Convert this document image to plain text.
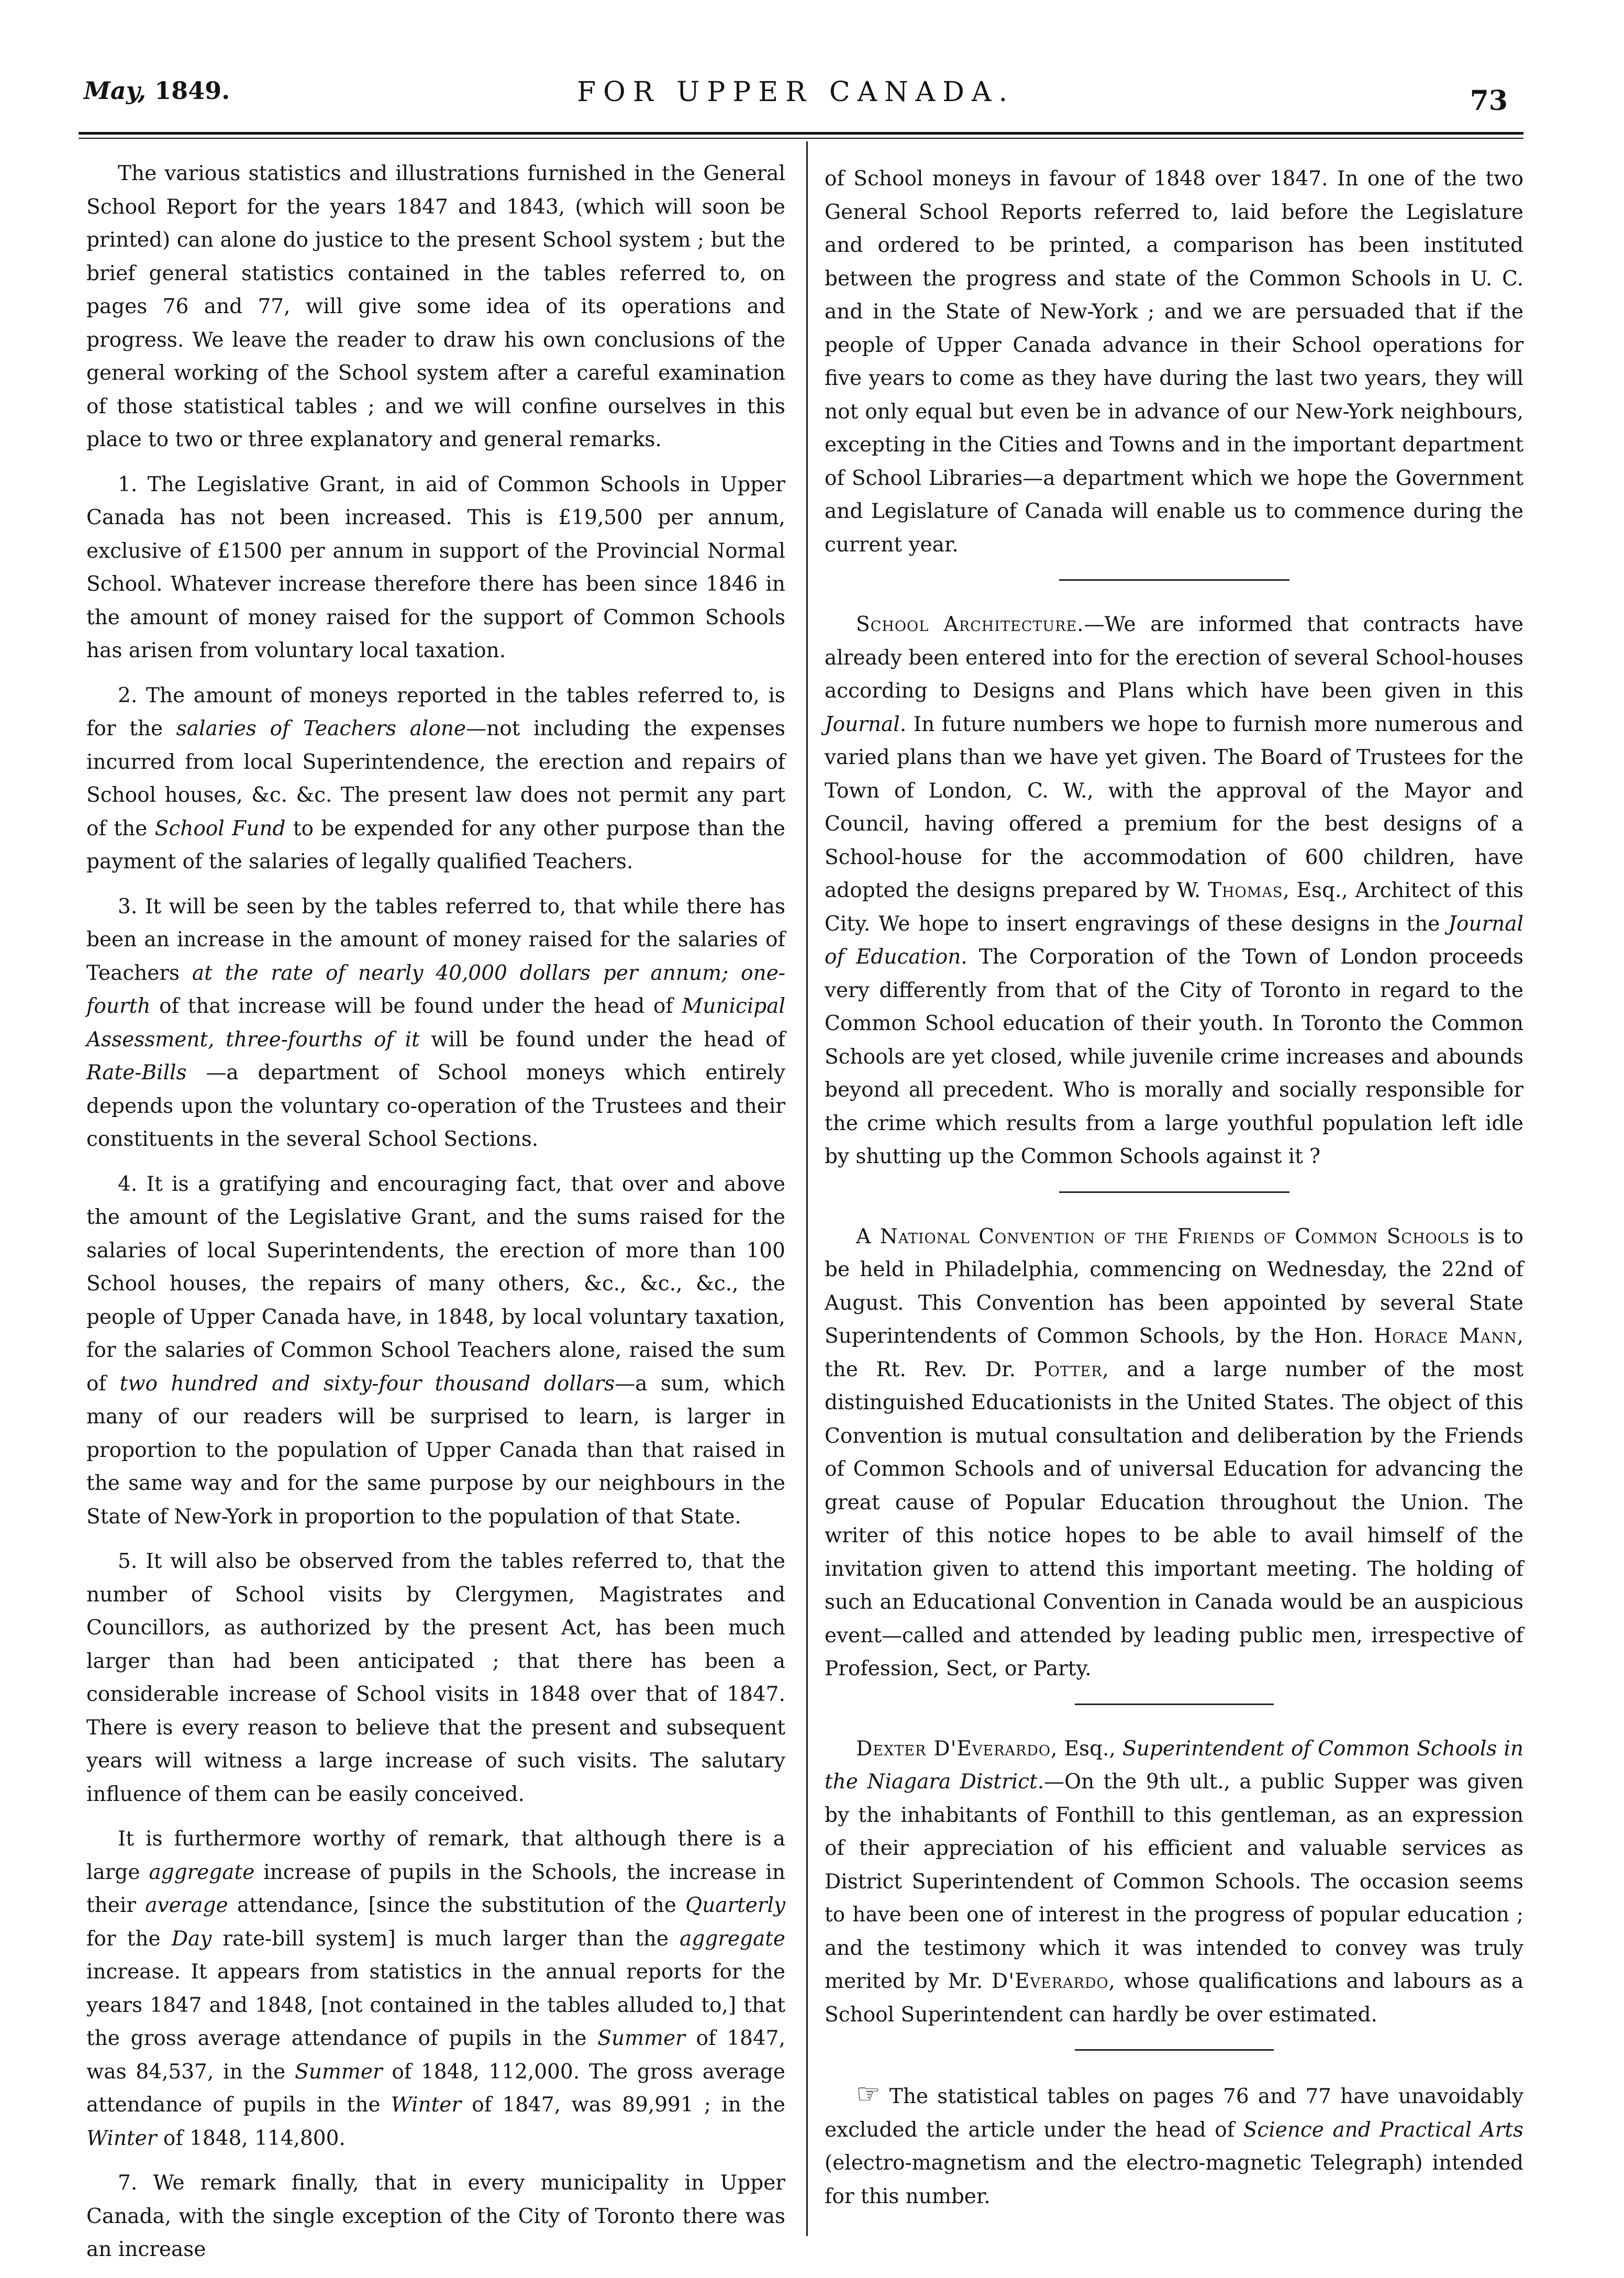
May, 1849.	FOR UPPER CANADA.	73

The various statistics and illustrations furnished in the General School Report for the years 1847 and 1843, (which will soon be printed) can alone do justice to the present School system ; but the brief general statistics contained in the tables referred to, on pages 76 and 77, will give some idea of its operations and progress. We leave the reader to draw his own conclusions of the general working of the School system after a careful examination of those statistical tables ; and we will confine ourselves in this place to two or three explanatory and general remarks.

1. The Legislative Grant, in aid of Common Schools in Upper Canada has not been increased. This is £19,500 per annum, exclusive of £1500 per annum in support of the Provincial Normal School. Whatever increase therefore there has been since 1846 in the amount of money raised for the support of Common Schools has arisen from voluntary local taxation.

2. The amount of moneys reported in the tables referred to, is for the salaries of Teachers alone—not including the expenses incurred from local Superintendence, the erection and repairs of School houses, &c. &c. The present law does not permit any part of the School Fund to be expended for any other purpose than the payment of the salaries of legally qualified Teachers.

3. It will be seen by the tables referred to, that while there has been an increase in the amount of money raised for the salaries of Teachers at the rate of nearly 40,000 dollars per annum; one-fourth of that increase will be found under the head of Municipal Assessment, three-fourths of it will be found under the head of Rate-Bills —a department of School moneys which entirely depends upon the voluntary co-operation of the Trustees and their constituents in the several School Sections.

4. It is a gratifying and encouraging fact, that over and above the amount of the Legislative Grant, and the sums raised for the salaries of local Superintendents, the erection of more than 100 School houses, the repairs of many others, &c., &c., &c., the people of Upper Canada have, in 1848, by local voluntary taxation, for the salaries of Common School Teachers alone, raised the sum of two hundred and sixty-four thousand dollars—a sum, which many of our readers will be surprised to learn, is larger in proportion to the population of Upper Canada than that raised in the same way and for the same purpose by our neighbours in the State of New-York in proportion to the population of that State.

5. It will also be observed from the tables referred to, that the number of School visits by Clergymen, Magistrates and Councillors, as authorized by the present Act, has been much larger than had been anticipated ; that there has been a considerable increase of School visits in 1848 over that of 1847. There is every reason to believe that the present and subsequent years will witness a large increase of such visits. The salutary influence of them can be easily conceived.

It is furthermore worthy of remark, that although there is a large aggregate increase of pupils in the Schools, the increase in their average attendance, [since the substitution of the Quarterly for the Day rate-bill system] is much larger than the aggregate increase. It appears from statistics in the annual reports for the years 1847 and 1848, [not contained in the tables alluded to,] that the gross average attendance of pupils in the Summer of 1847, was 84,537, in the Summer of 1848, 112,000. The gross average attendance of pupils in the Winter of 1847, was 89,991 ; in the Winter of 1848, 114,800.

7. We remark finally, that in every municipality in Upper Canada, with the single exception of the City of Toronto there was an increase

of School moneys in favour of 1848 over 1847. In one of the two General School Reports referred to, laid before the Legislature and ordered to be printed, a comparison has been instituted between the progress and state of the Common Schools in U. C. and in the State of New-York ; and we are persuaded that if the people of Upper Canada advance in their School operations for five years to come as they have during the last two years, they will not only equal but even be in advance of our New-York neighbours, excepting in the Cities and Towns and in the important department of School Libraries—a department which we hope the Government and Legislature of Canada will enable us to commence during the current year.

School Architecture.—We are informed that contracts have already been entered into for the erection of several School-houses according to Designs and Plans which have been given in this Journal. In future numbers we hope to furnish more numerous and varied plans than we have yet given. The Board of Trustees for the Town of London, C. W., with the approval of the Mayor and Council, having offered a premium for the best designs of a School-house for the accommodation of 600 children, have adopted the designs prepared by W. Thomas, Esq., Architect of this City. We hope to insert engravings of these designs in the Journal of Education. The Corporation of the Town of London proceeds very differently from that of the City of Toronto in regard to the Common School education of their youth. In Toronto the Common Schools are yet closed, while juvenile crime increases and abounds beyond all precedent. Who is morally and socially responsible for the crime which results from a large youthful population left idle by shutting up the Common Schools against it ?

A National Convention of the Friends of Common Schools is to be held in Philadelphia, commencing on Wednesday, the 22nd of August. This Convention has been appointed by several State Superintendents of Common Schools, by the Hon. Horace Mann, the Rt. Rev. Dr. Potter, and a large number of the most distinguished Educationists in the United States. The object of this Convention is mutual consultation and deliberation by the Friends of Common Schools and of universal Education for advancing the great cause of Popular Education throughout the Union. The writer of this notice hopes to be able to avail himself of the invitation given to attend this important meeting. The holding of such an Educational Convention in Canada would be an auspicious event—called and attended by leading public men, irrespective of Profession, Sect, or Party.

Dexter D'Everardo, Esq., Superintendent of Common Schools in the Niagara District.—On the 9th ult., a public Supper was given by the inhabitants of Fonthill to this gentleman, as an expression of their appreciation of his efficient and valuable services as District Superintendent of Common Schools. The occasion seems to have been one of interest in the progress of popular education ; and the testimony which it was intended to convey was truly merited by Mr. D'Everardo, whose qualifications and labours as a School Superintendent can hardly be over estimated.

☞ The statistical tables on pages 76 and 77 have unavoidably excluded the article under the head of Science and Practical Arts (electro-magnetism and the electro-magnetic Telegraph) intended for this number.
